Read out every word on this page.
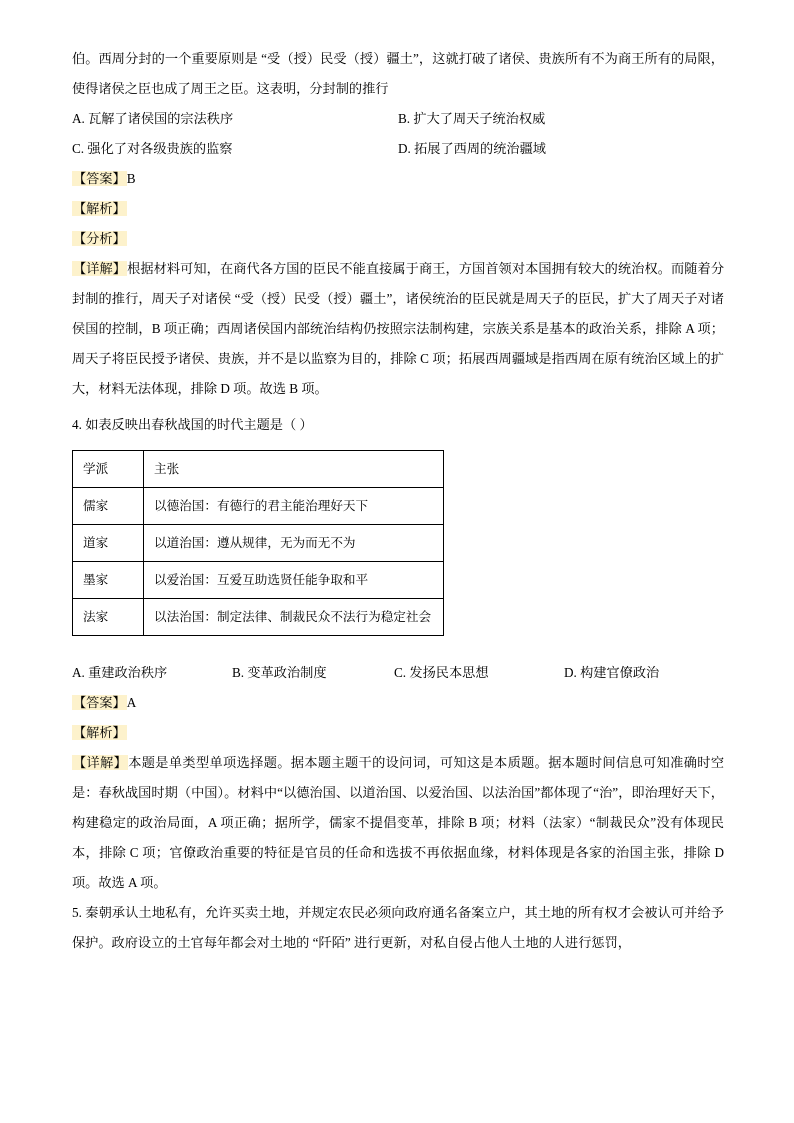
伯。西周分封的一个重要原则是 “受（授）民受（授）疆土”，这就打破了诸侯、贵族所有不为商王所有的局限，使得诸侯之臣也成了周王之臣。这表明，分封制的推行

A. 瓦解了诸侯国的宗法秩序	B. 扩大了周天子统治权威
C. 强化了对各级贵族的监察	D. 拓展了西周的统治疆域
【答案】B
【解析】
【分析】

【详解】根据材料可知，在商代各方国的臣民不能直接属于商王，方国首领对本国拥有较大的统治权。而随着分封制的推行，周天子对诸侯 “受（授）民受（授）疆土”，诸侯统治的臣民就是周天子的臣民，扩大了周天子对诸侯国的控制，B 项正确；西周诸侯国内部统治结构仍按照宗法制构建，宗族关系是基本的政治关系，排除 A 项；周天子将臣民授予诸侯、贵族，并不是以监察为目的，排除 C 项；拓展西周疆域是指西周在原有统治区域上的扩大，材料无法体现，排除 D 项。故选 B 项。

4. 如表反映出春秋战国的时代主题是（ ）
学派	主张
儒家	以德治国：有德行的君主能治理好天下
道家	以道治国：遵从规律，无为而无不为
墨家	以爱治国：互爱互助选贤任能争取和平
法家	以法治国：制定法律、制裁民众不法行为稳定社会
A. 重建政治秩序	B. 变革政治制度	C. 发扬民本思想	D. 构建官僚政治
【答案】A
【解析】

【详解】本题是单类型单项选择题。据本题主题干的设问词，可知这是本质题。据本题时间信息可知准确时空是：春秋战国时期（中国）。材料中“以德治国、以道治国、以爱治国、以法治国”都体现了“治”，即治理好天下，构建稳定的政治局面，A 项正确；据所学，儒家不提倡变革，排除 B 项；材料（法家）“制裁民众”没有体现民本，排除 C 项；官僚政治重要的特征是官员的任命和选拔不再依据血缘，材料体现是各家的治国主张，排除 D 项。故选 A 项。

5. 秦朝承认土地私有，允许买卖土地，并规定农民必须向政府通名备案立户，其土地的所有权才会被认可并给予保护。政府设立的土官每年都会对土地的 “阡陌” 进行更新，对私自侵占他人土地的人进行惩罚，
